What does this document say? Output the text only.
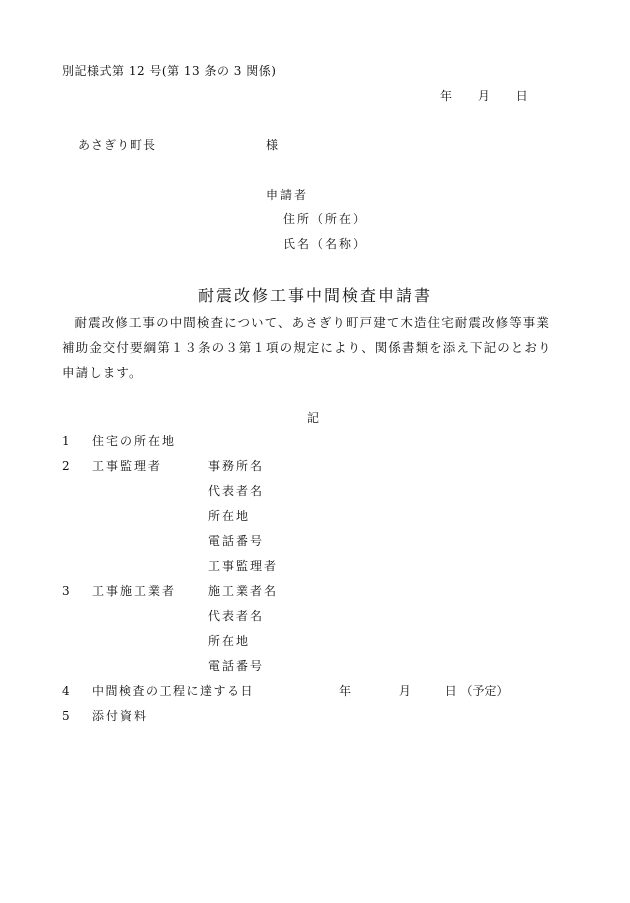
別記様式第 12 号(第 13 条の 3 関係)
年 月 日
あさぎり町長	様
申請者
住所（所在）
氏名（名称）
耐震改修工事中間検査申請書
耐震改修工事の中間検査について、あさぎり町戸建て木造住宅耐震改修等事業補助金交付要綱第１３条の３第１項の規定により、関係書類を添え下記のとおり申請します。
記
1	住宅の所在地
2	工事監理者	事務所名
代表者名
所在地
電話番号
工事監理者
3	工事施工業者	施工業者名
代表者名
所在地
電話番号
4	中間検査の工程に達する日	年	月	日 （予定）
5	添付資料
